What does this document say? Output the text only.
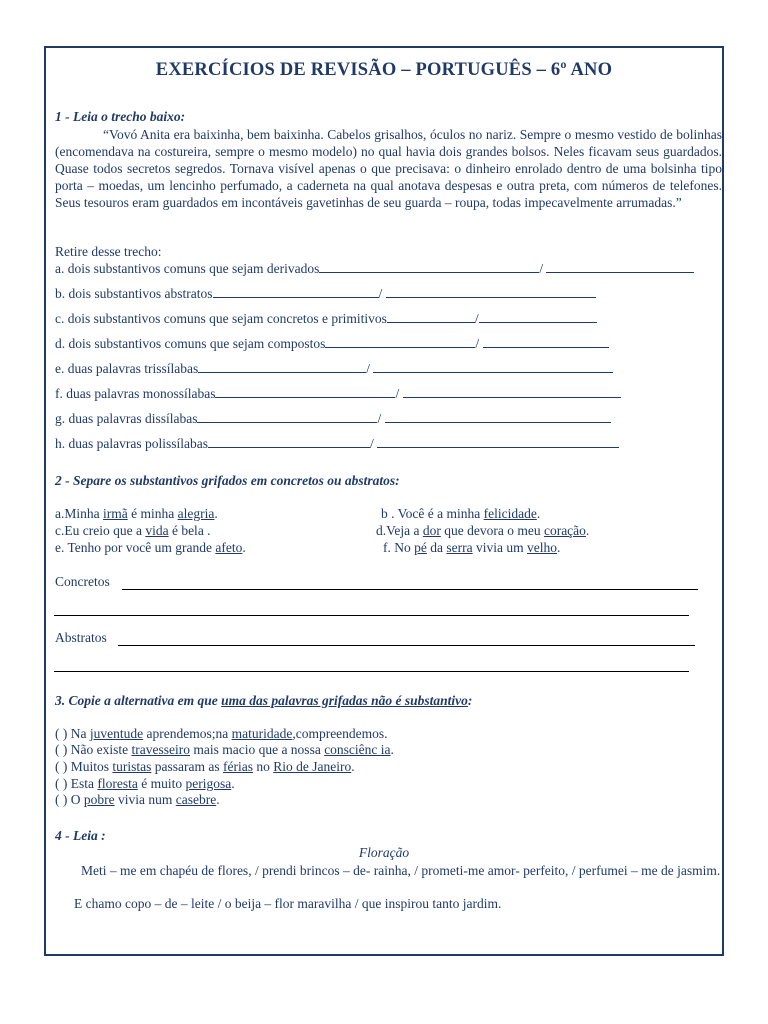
EXERCÍCIOS DE REVISÃO – PORTUGUÊS – 6º ANO
1 - Leia o trecho baixo:
“Vovó Anita era baixinha, bem baixinha. Cabelos grisalhos, óculos no nariz. Sempre o mesmo vestido de bolinhas (encomendava na costureira, sempre o mesmo modelo) no qual havia dois grandes bolsos. Neles ficavam seus guardados. Quase todos secretos segredos. Tornava visível apenas o que precisava: o dinheiro enrolado dentro de uma bolsinha tipo porta – moedas, um lencinho perfumado, a caderneta na qual anotava despesas e outra preta, com números de telefones. Seus tesouros eram guardados em incontáveis gavetinhas de seu guarda – roupa, todas impecavelmente arrumadas.”
Retire desse trecho:
a. dois substantivos comuns que sejam derivados	/
b. dois substantivos abstratos	/
c. dois substantivos comuns que sejam concretos e primitivos	/
d. dois substantivos comuns que sejam compostos	/
e. duas palavras trissílabas	/
f. duas palavras monossílabas	/
g. duas palavras dissílabas	/
h. duas palavras polissílabas	/
2 - Separe os substantivos grifados em concretos ou abstratos:
a.Minha irmã é minha alegria.	b . Você é a minha felicidade.
c.Eu creio que a vida é bela .	d.Veja a dor que devora o meu coração.
e. Tenho por você um grande afeto.	f. No pé da serra vivia um velho.
Concretos
Abstratos
3. Copie a alternativa em que uma das palavras grifadas não é substantivo:
( ) Na juventude aprendemos;na maturidade,compreendemos.
( ) Não existe travesseiro mais macio que a nossa consciênc ia.
( ) Muitos turistas passaram as férias no Rio de Janeiro.
( ) Esta floresta é muito perigosa.
( ) O pobre vivia num casebre.
4 - Leia :
Floração
Meti – me em chapéu de flores, / prendi brincos – de- rainha, / prometi-me amor- perfeito, / perfumei – me de jasmim.
E chamo copo – de – leite / o beija – flor maravilha / que inspirou tanto jardim.
